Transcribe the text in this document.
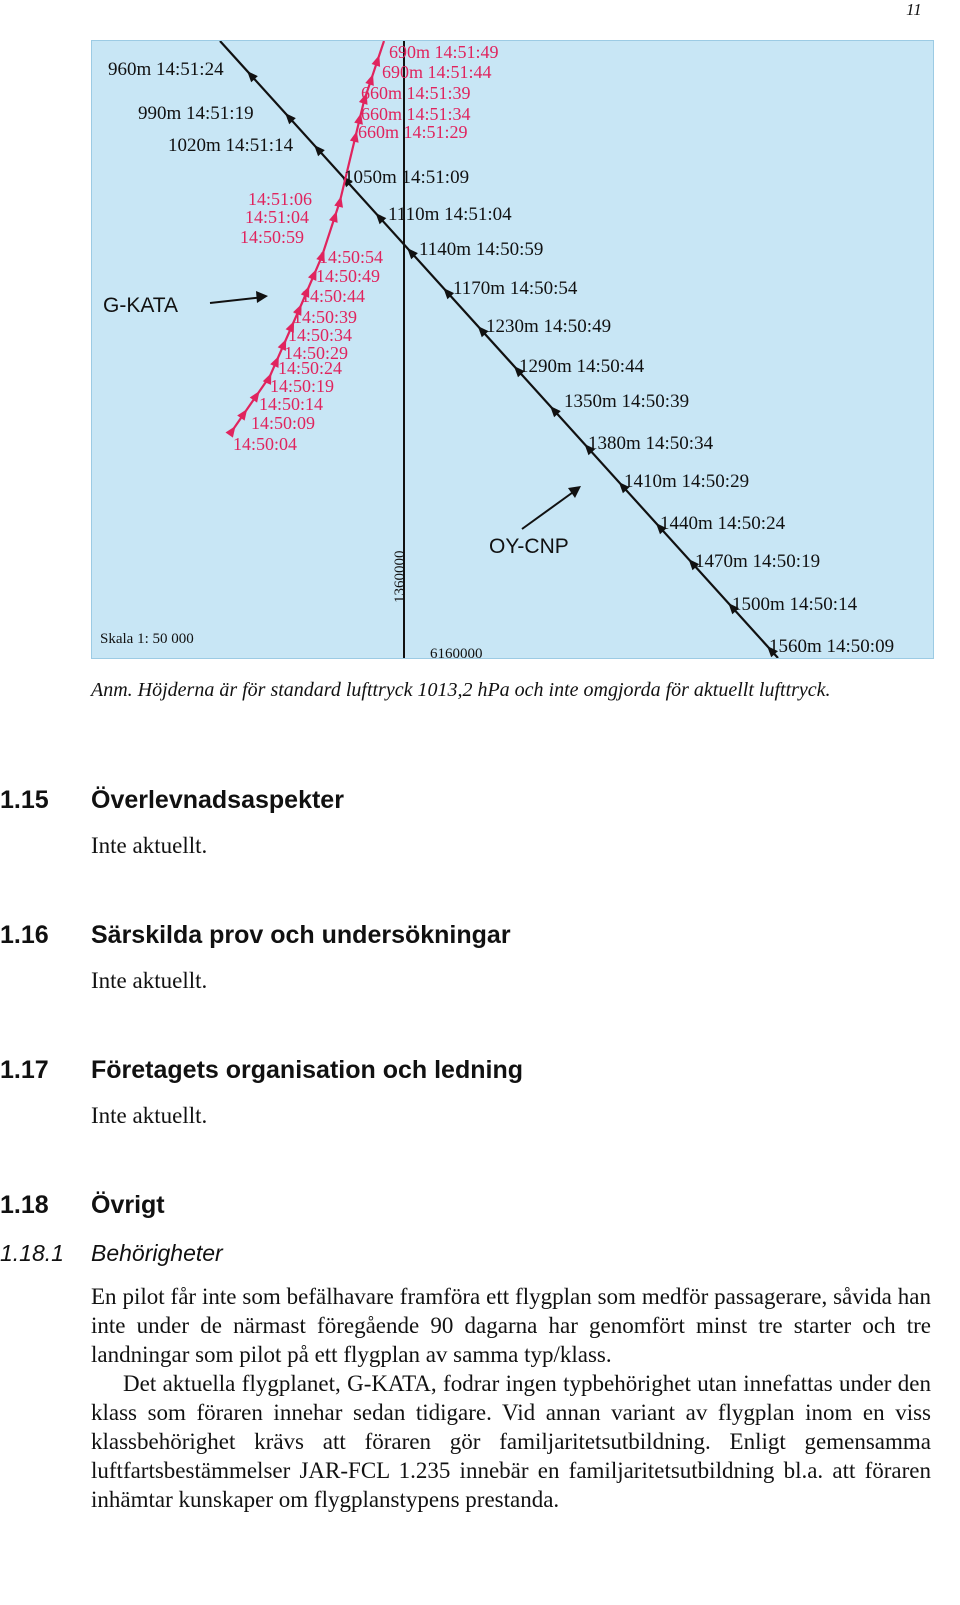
11
960m 14:51:24
990m 14:51:19
1020m 14:51:14
1050m 14:51:09
1110m 14:51:04
1140m 14:50:59
1170m 14:50:54
1230m 14:50:49
1290m 14:50:44
1350m 14:50:39
1380m 14:50:34
1410m 14:50:29
1440m 14:50:24
1470m 14:50:19
1500m 14:50:14
1560m 14:50:09
690m 14:51:49
690m 14:51:44
660m 14:51:39
660m 14:51:34
660m 14:51:29
14:51:06
14:51:04
14:50:59
14:50:54
14:50:49
14:50:44
14:50:39
14:50:34
14:50:29
14:50:24
14:50:19
14:50:14
14:50:09
14:50:04
1360000
6160000
Skala 1: 50 000
G-KATA
OY-CNP
Anm. Höjderna är för standard lufttryck 1013,2 hPa och inte omgjorda för aktuellt lufttryck.
1.15 Överlevnadsaspekter
Inte aktuellt.
1.16 Särskilda prov och undersökningar
Inte aktuellt.
1.17 Företagets organisation och ledning
Inte aktuellt.
1.18 Övrigt
1.18.1 Behörigheter

En pilot får inte som befälhavare framföra ett flygplan som medför passagerare, såvida han inte under de närmast föregående 90 dagarna har genomfört minst tre starter och tre landningar som pilot på ett flygplan av samma typ/klass.

Det aktuella flygplanet, G-KATA, fodrar ingen typbehörighet utan innefattas under den klass som föraren innehar sedan tidigare. Vid annan variant av flygplan inom en viss klassbehörighet krävs att föraren gör familjaritetsutbildning. Enligt gemensamma luftfartsbestämmelser JAR-FCL 1.235 innebär en familjaritetsutbildning bl.a. att föraren inhämtar kunskaper om flygplanstypens prestanda.
